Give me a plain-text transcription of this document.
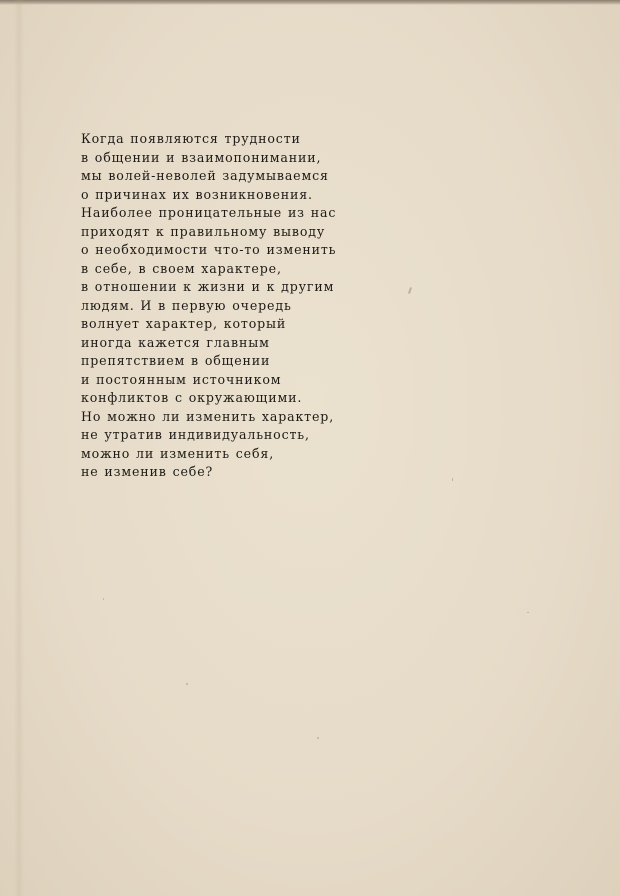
Когда появляются трудности
в общении и взаимопонимании,
мы волей-неволей задумываемся
о причинах их возникновения.
Наиболее проницательные из нас
приходят к правильному выводу
о необходимости что-то изменить
в себе, в своем характере,
в отношении к жизни и к другим
людям. И в первую очередь
волнует характер, который
иногда кажется главным
препятствием в общении
и постоянным источником
конфликтов с окружающими.
Но можно ли изменить характер,
не утратив индивидуальность,
можно ли изменить себя,
не изменив себе?
